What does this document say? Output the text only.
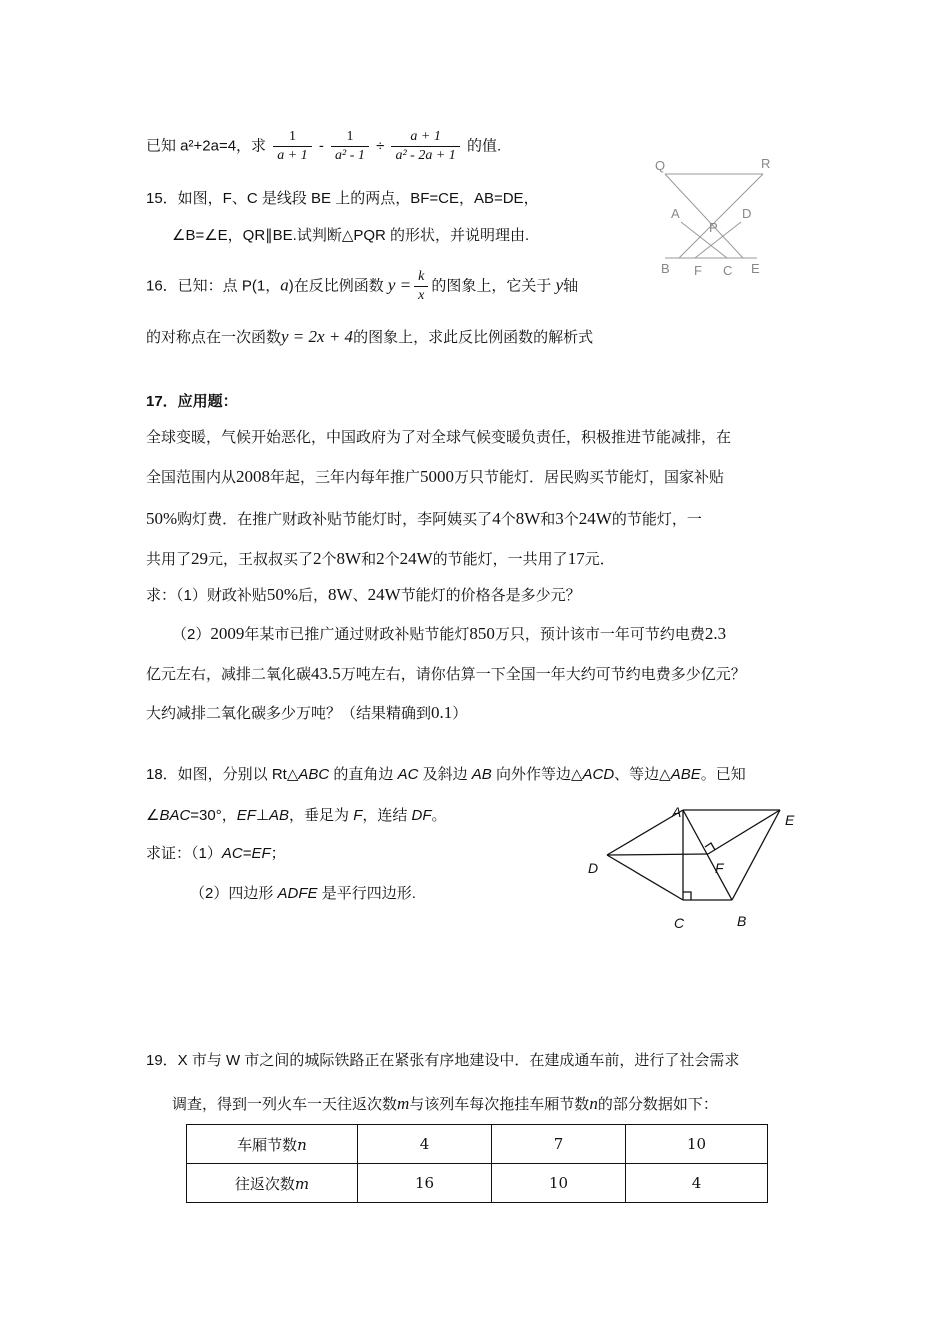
已知 a²+2a=4，求 $\frac{1}{a + 1} - \frac{1}{\text{a² - 1}} \div \frac{a + 1}{\text{a² - 2a + 1}}$ 的值.
15．如图，F、C 是线段 BE 上的两点，BF=CE，AB=DE，
∠B=∠E，QR∥BE.试判断△PQR 的形状，并说明理由.
Q	R
A	D
P
B F C E
16．已知：点 P(1，a)在反比例函数 $y = \frac{k}{x}$ 的图象上，它关于 y轴
的对称点在一次函数y = 2x + 4的图象上，求此反比例函数的解析式
17．应用题：
全球变暖，气候开始恶化，中国政府为了对全球气候变暖负责任，积极推进节能减排，在
全国范围内从2008年起，三年内每年推广5000万只节能灯．居民购买节能灯，国家补贴
50%购灯费．在推广财政补贴节能灯时，李阿姨买了4个8W和3个24W的节能灯，一
共用了29元，王叔叔买了2个8W和2个24W的节能灯，一共用了17元．
求：（1）财政补贴50%后，8W、24W节能灯的价格各是多少元？
（2）2009年某市已推广通过财政补贴节能灯850万只，预计该市一年可节约电费2.3
亿元左右，减排二氧化碳43.5万吨左右，请你估算一下全国一年大约可节约电费多少亿元？
大约减排二氧化碳多少万吨？（结果精确到0.1）
18．如图，分别以 Rt△ABC 的直角边 AC 及斜边 AB 向外作等边△ACD、等边△ABE。已知
∠BAC=30°，EF⊥AB，垂足为 F，连结 DF。
求证：（1）AC=EF；
（2）四边形 ADFE 是平行四边形.
A	E
D	F
C	B
19．X 市与 W 市之间的城际铁路正在紧张有序地建设中．在建成通车前，进行了社会需求
调查，得到一列火车一天往返次数m与该列车每次拖挂车厢节数n的部分数据如下：
车厢节数n	4	7	10
往返次数m	16	10	4
